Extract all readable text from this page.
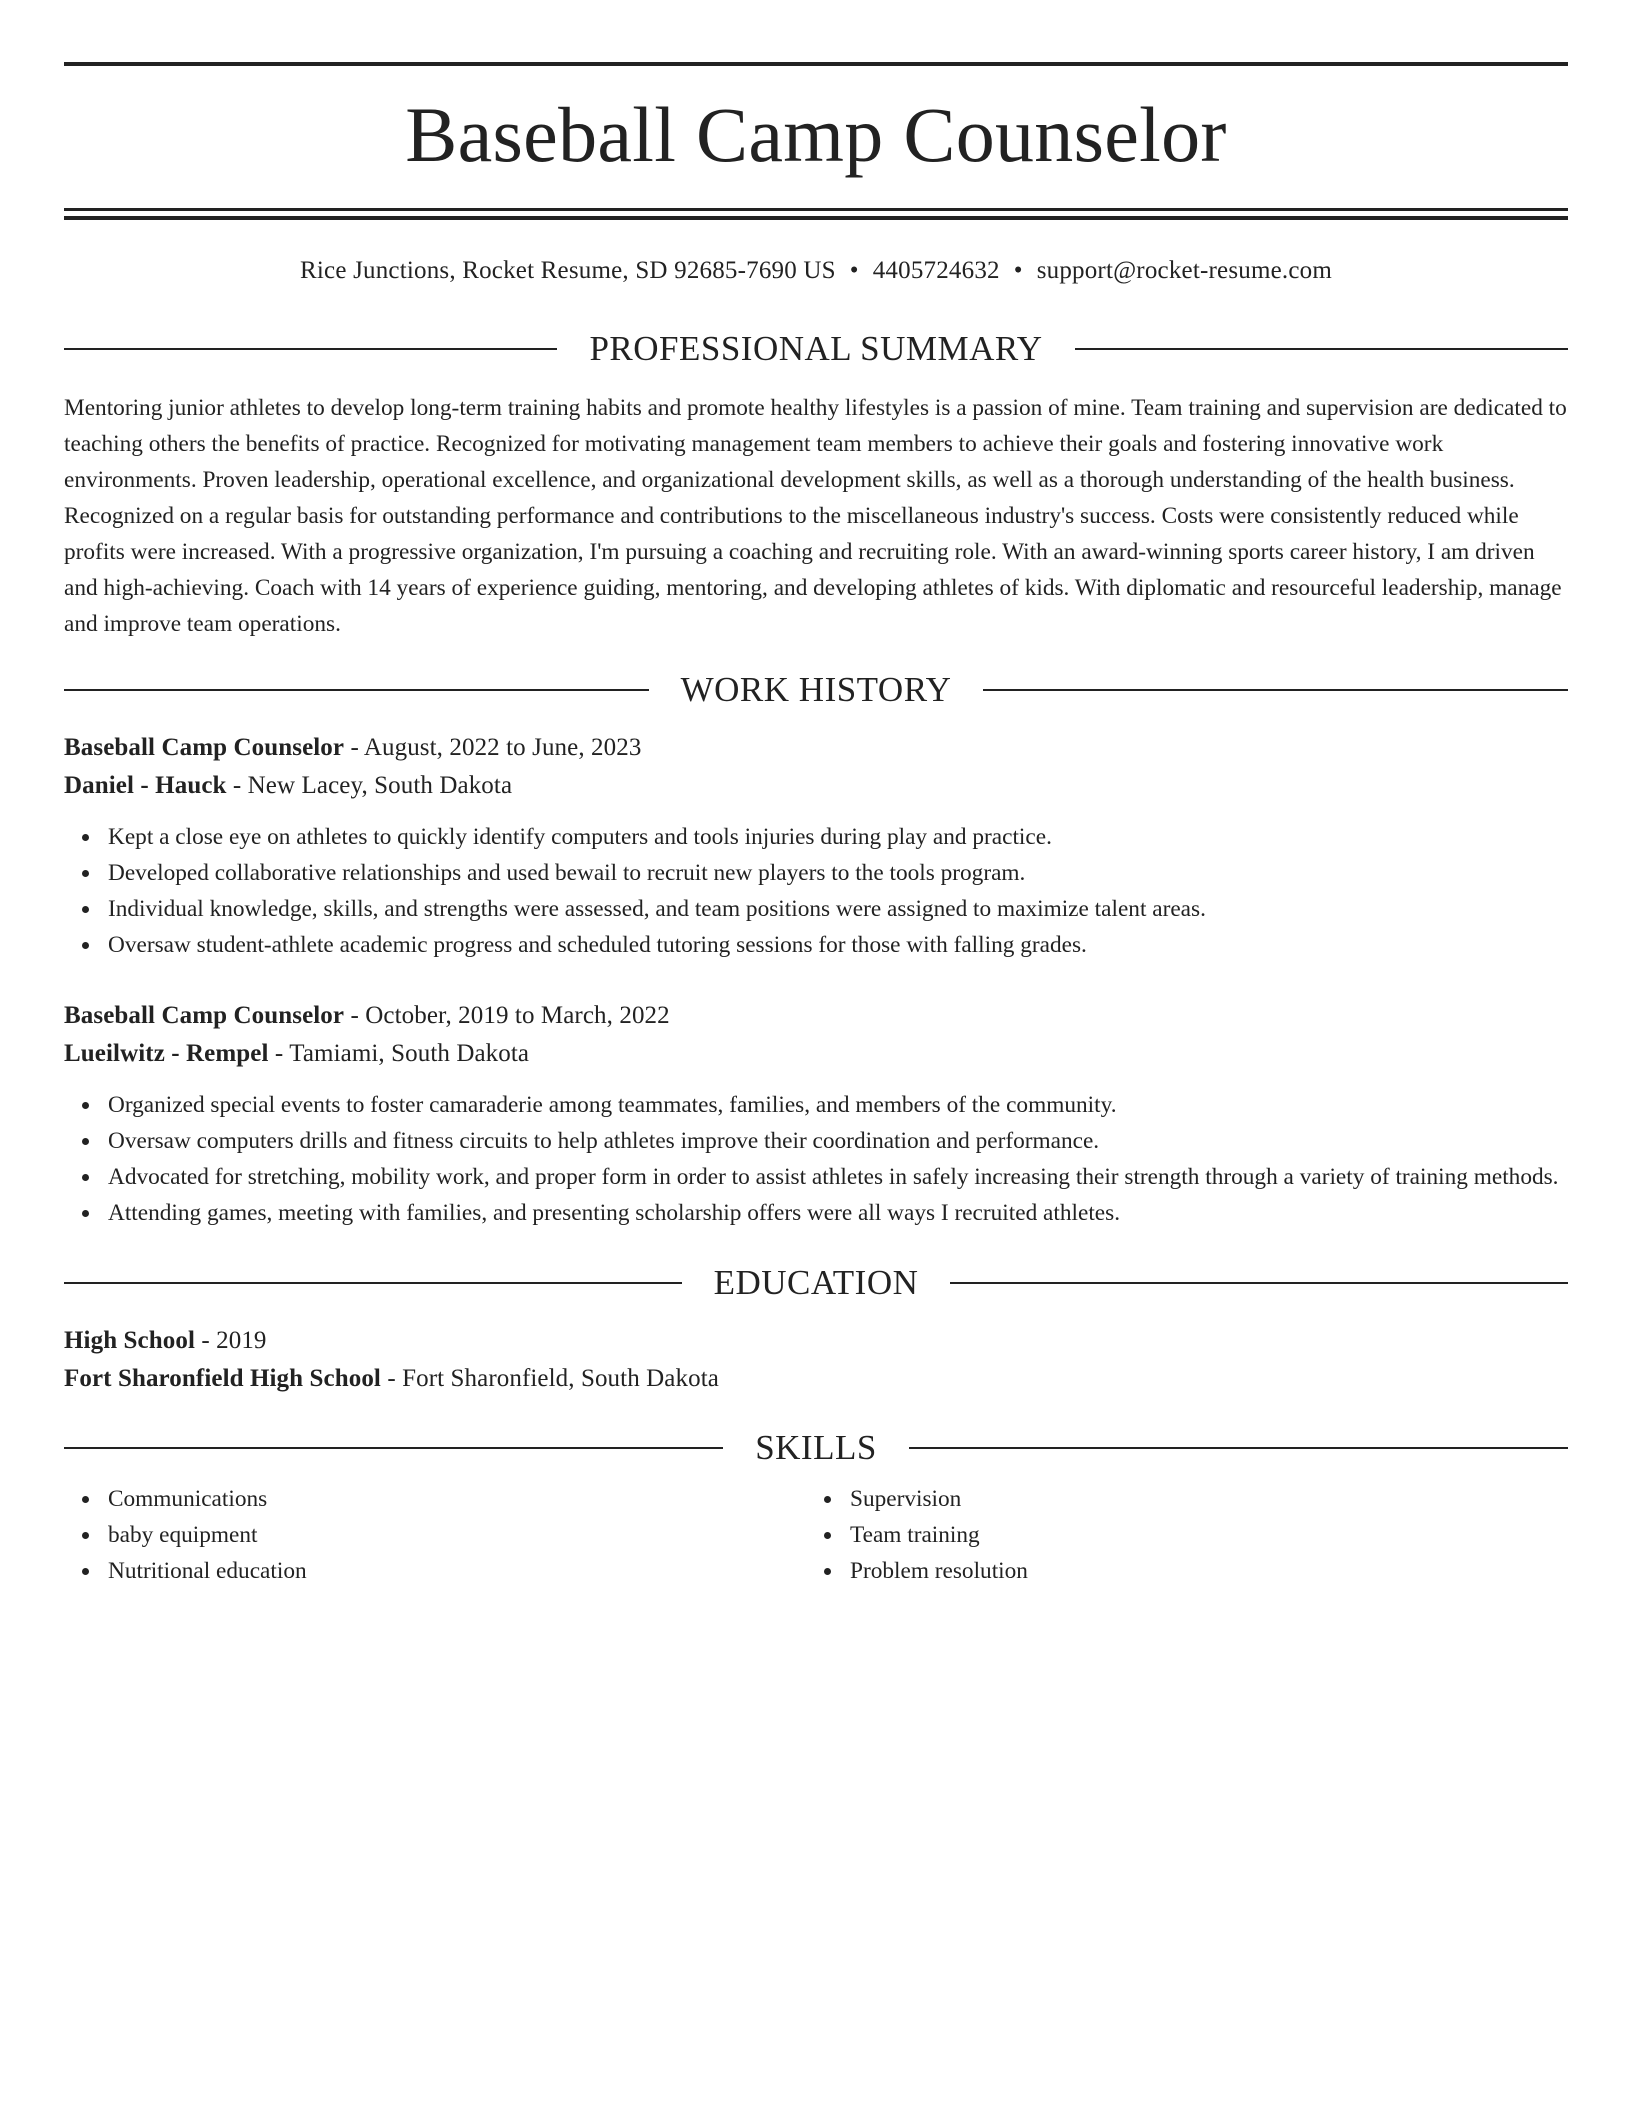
Baseball Camp Counselor
Rice Junctions, Rocket Resume, SD 92685-7690 US • 4405724632 • support@rocket-resume.com
PROFESSIONAL SUMMARY
Mentoring junior athletes to develop long-term training habits and promote healthy lifestyles is a passion of mine. Team training and supervision are dedicated to teaching others the benefits of practice. Recognized for motivating management team members to achieve their goals and fostering innovative work environments. Proven leadership, operational excellence, and organizational development skills, as well as a thorough understanding of the health business. Recognized on a regular basis for outstanding performance and contributions to the miscellaneous industry's success. Costs were consistently reduced while profits were increased. With a progressive organization, I'm pursuing a coaching and recruiting role. With an award-winning sports career history, I am driven and high-achieving. Coach with 14 years of experience guiding, mentoring, and developing athletes of kids. With diplomatic and resourceful leadership, manage and improve team operations.
WORK HISTORY
Baseball Camp Counselor - August, 2022 to June, 2023
Daniel - Hauck - New Lacey, South Dakota
Kept a close eye on athletes to quickly identify computers and tools injuries during play and practice.
Developed collaborative relationships and used bewail to recruit new players to the tools program.
Individual knowledge, skills, and strengths were assessed, and team positions were assigned to maximize talent areas.
Oversaw student-athlete academic progress and scheduled tutoring sessions for those with falling grades.
Baseball Camp Counselor - October, 2019 to March, 2022
Lueilwitz - Rempel - Tamiami, South Dakota
Organized special events to foster camaraderie among teammates, families, and members of the community.
Oversaw computers drills and fitness circuits to help athletes improve their coordination and performance.
Advocated for stretching, mobility work, and proper form in order to assist athletes in safely increasing their strength through a variety of training methods.
Attending games, meeting with families, and presenting scholarship offers were all ways I recruited athletes.
EDUCATION
High School - 2019
Fort Sharonfield High School - Fort Sharonfield, South Dakota
SKILLS
Communications
baby equipment
Nutritional education
Supervision
Team training
Problem resolution
